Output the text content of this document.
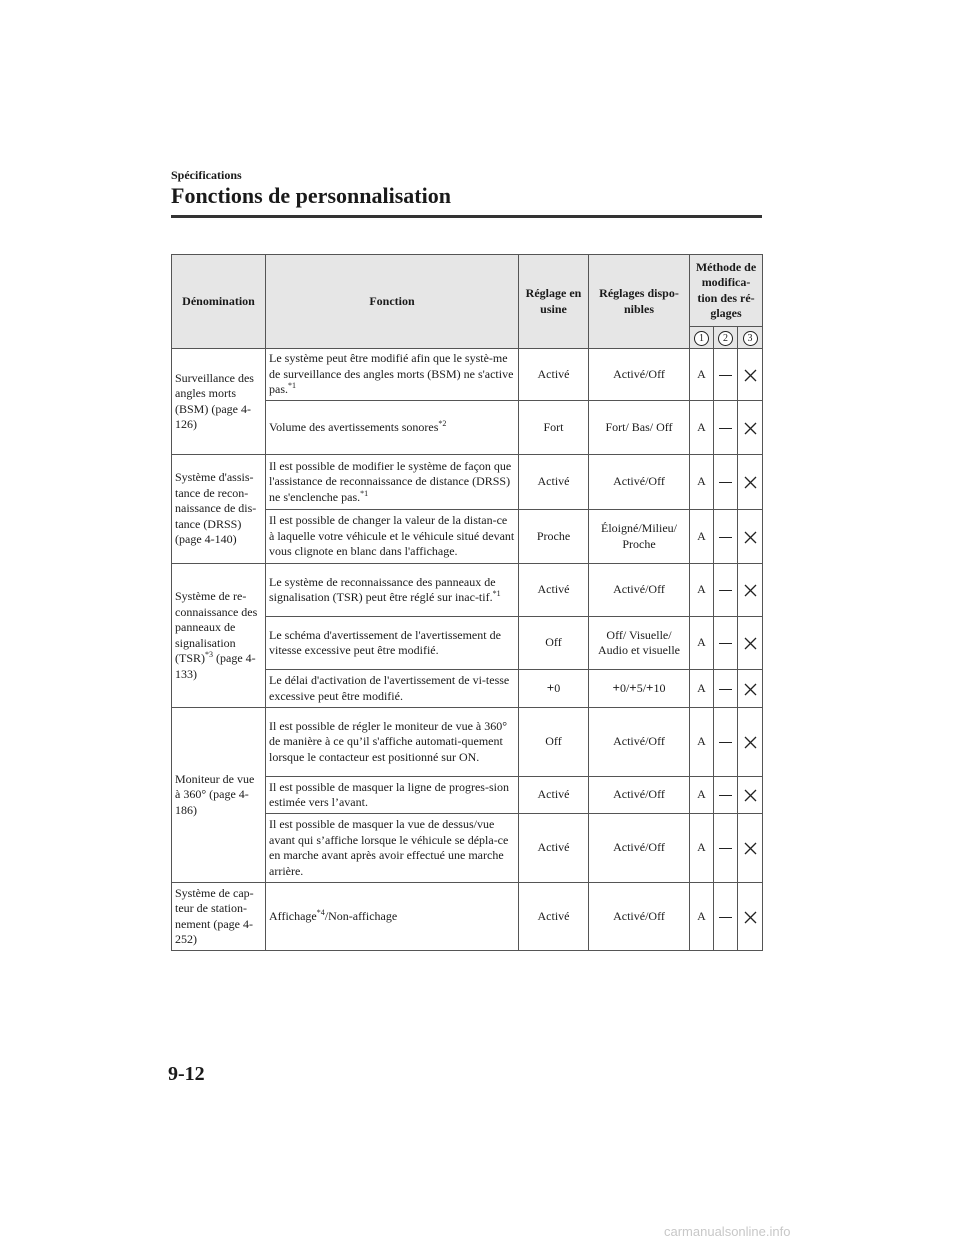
Spécifications
Fonctions de personnalisation
Dénomination	Fonction	Réglage en usine	Réglages dispo-nibles	Méthode de modifica-tion des ré-glages		
				1	2	3
Surveillance des angles morts (BSM) (page 4-126)	Le système peut être modifié afin que le systè-me de surveillance des angles morts (BSM) ne s'active pas.$^{*1}$	Activé	Activé/Off	A		
	Volume des avertissements sonores$^{*2}$	Fort	Fort/ Bas/ Off	A		
Système d'assis-tance de recon-naissance de dis-tance (DRSS) (page 4-140)	Il est possible de modifier le système de façon que l'assistance de reconnaissance de distance (DRSS) ne s'enclenche pas.$^{*1}$	Activé	Activé/Off	A		
	Il est possible de changer la valeur de la distan-ce à laquelle votre véhicule et le véhicule situé devant vous clignote en blanc dans l'affichage.	Proche	Éloigné/Milieu/ Proche	A		
Système de re-connaissance des panneaux de signalisation (TSR)$^{*3}$ (page 4-133)	Le système de reconnaissance des panneaux de signalisation (TSR) peut être réglé sur inac-tif.$^{*1}$	Activé	Activé/Off	A		
	Le schéma d'avertissement de l'avertissement de vitesse excessive peut être modifié.	Off	Off/ Visuelle/ Audio et visuelle	A		
	Le délai d'activation de l'avertissement de vi-tesse excessive peut être modifié.	+0	+0/+5/+10	A		
Moniteur de vue à 360° (page 4-186)	Il est possible de régler le moniteur de vue à 360° de manière à ce qu’il s'affiche automati-quement lorsque le contacteur est positionné sur ON.	Off	Activé/Off	A		
	Il est possible de masquer la ligne de progres-sion estimée vers l’avant.	Activé	Activé/Off	A		
	Il est possible de masquer la vue de dessus/vue avant qui s’affiche lorsque le véhicule se dépla-ce en marche avant après avoir effectué une marche arrière.	Activé	Activé/Off	A		
Système de cap-teur de station-nement (page 4-252)	Affichage$^{*4}$/Non-affichage	Activé	Activé/Off	A		
9-12
carmanualsonline.info
